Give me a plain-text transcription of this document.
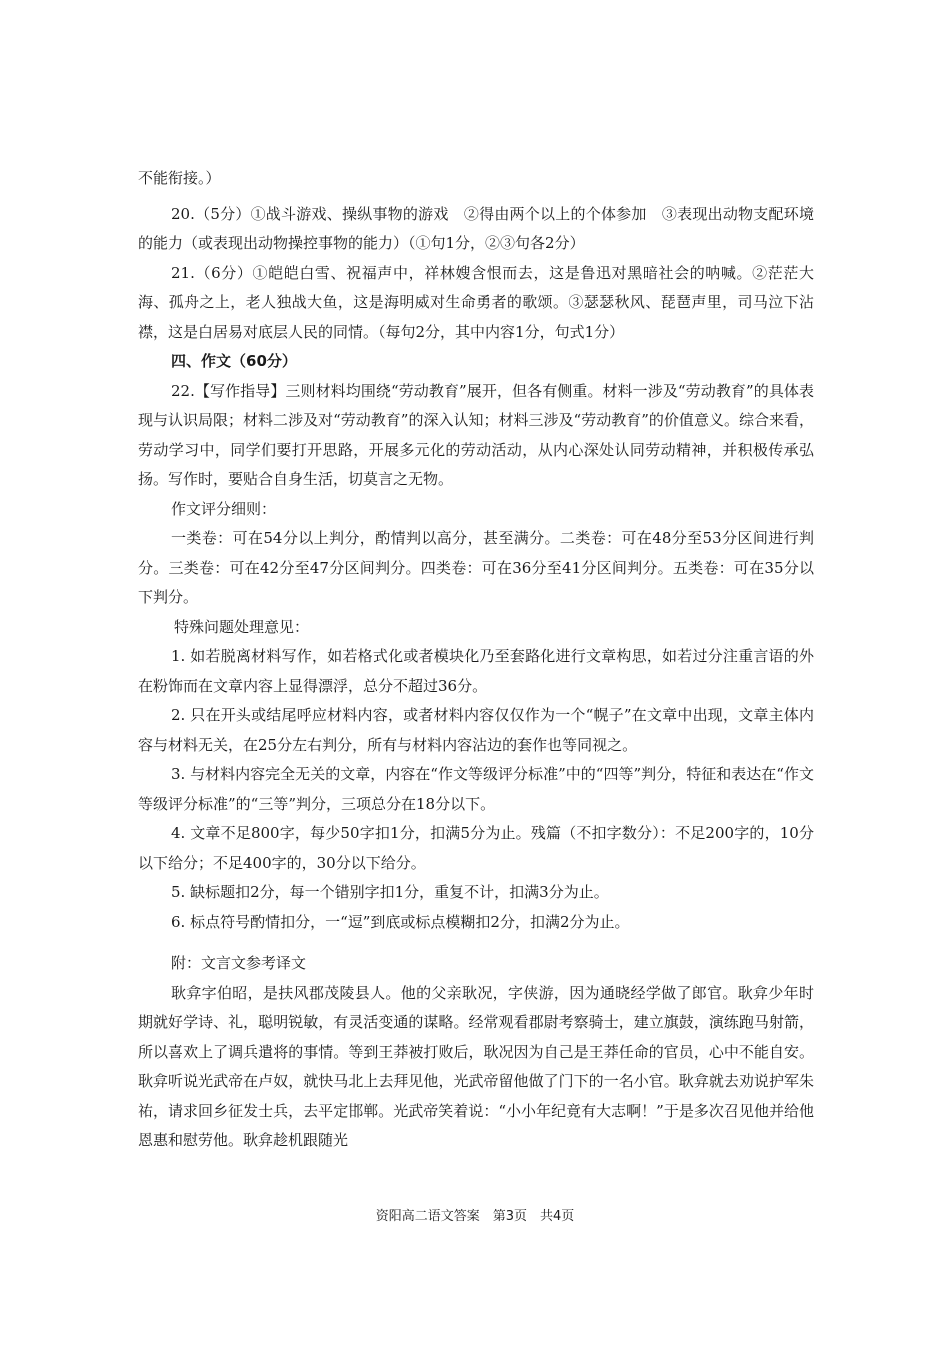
不能衔接。）

20.（5分）①战斗游戏、操纵事物的游戏　②得由两个以上的个体参加　③表现出动物支配环境的能力（或表现出动物操控事物的能力）（①句1分，②③句各2分）

21.（6分）①皑皑白雪、祝福声中，祥林嫂含恨而去，这是鲁迅对黑暗社会的呐喊。②茫茫大海、孤舟之上，老人独战大鱼，这是海明威对生命勇者的歌颂。③瑟瑟秋风、琵琶声里，司马泣下沾襟，这是白居易对底层人民的同情。（每句2分，其中内容1分，句式1分）

四、作文（60分）

22.【写作指导】三则材料均围绕“劳动教育”展开，但各有侧重。材料一涉及“劳动教育”的具体表现与认识局限；材料二涉及对“劳动教育”的深入认知；材料三涉及“劳动教育”的价值意义。综合来看，劳动学习中，同学们要打开思路，开展多元化的劳动活动，从内心深处认同劳动精神，并积极传承弘扬。写作时，要贴合自身生活，切莫言之无物。

作文评分细则：

一类卷：可在54分以上判分，酌情判以高分，甚至满分。二类卷：可在48分至53分区间进行判分。三类卷：可在42分至47分区间判分。四类卷：可在36分至41分区间判分。五类卷：可在35分以下判分。

特殊问题处理意见：

1. 如若脱离材料写作，如若格式化或者模块化乃至套路化进行文章构思，如若过分注重言语的外在粉饰而在文章内容上显得漂浮，总分不超过36分。

2. 只在开头或结尾呼应材料内容，或者材料内容仅仅作为一个“幌子”在文章中出现，文章主体内容与材料无关，在25分左右判分，所有与材料内容沾边的套作也等同视之。

3. 与材料内容完全无关的文章，内容在“作文等级评分标准”中的“四等”判分，特征和表达在“作文等级评分标准”的“三等”判分，三项总分在18分以下。

4. 文章不足800字，每少50字扣1分，扣满5分为止。残篇（不扣字数分）：不足200字的，10分以下给分；不足400字的，30分以下给分。

5. 缺标题扣2分，每一个错别字扣1分，重复不计，扣满3分为止。

6. 标点符号酌情扣分，一“逗”到底或标点模糊扣2分，扣满2分为止。

附：文言文参考译文

耿弇字伯昭，是扶风郡茂陵县人。他的父亲耿况，字侠游，因为通晓经学做了郎官。耿弇少年时期就好学诗、礼，聪明锐敏，有灵活变通的谋略。经常观看郡尉考察骑士，建立旗鼓，演练跑马射箭，所以喜欢上了调兵遣将的事情。等到王莽被打败后，耿况因为自己是王莽任命的官员，心中不能自安。耿弇听说光武帝在卢奴，就快马北上去拜见他，光武帝留他做了门下的一名小官。耿弇就去劝说护军朱祐，请求回乡征发士兵，去平定邯郸。光武帝笑着说：“小小年纪竟有大志啊！”于是多次召见他并给他恩惠和慰劳他。耿弇趁机跟随光

资阳高二语文答案　第3页　共4页
